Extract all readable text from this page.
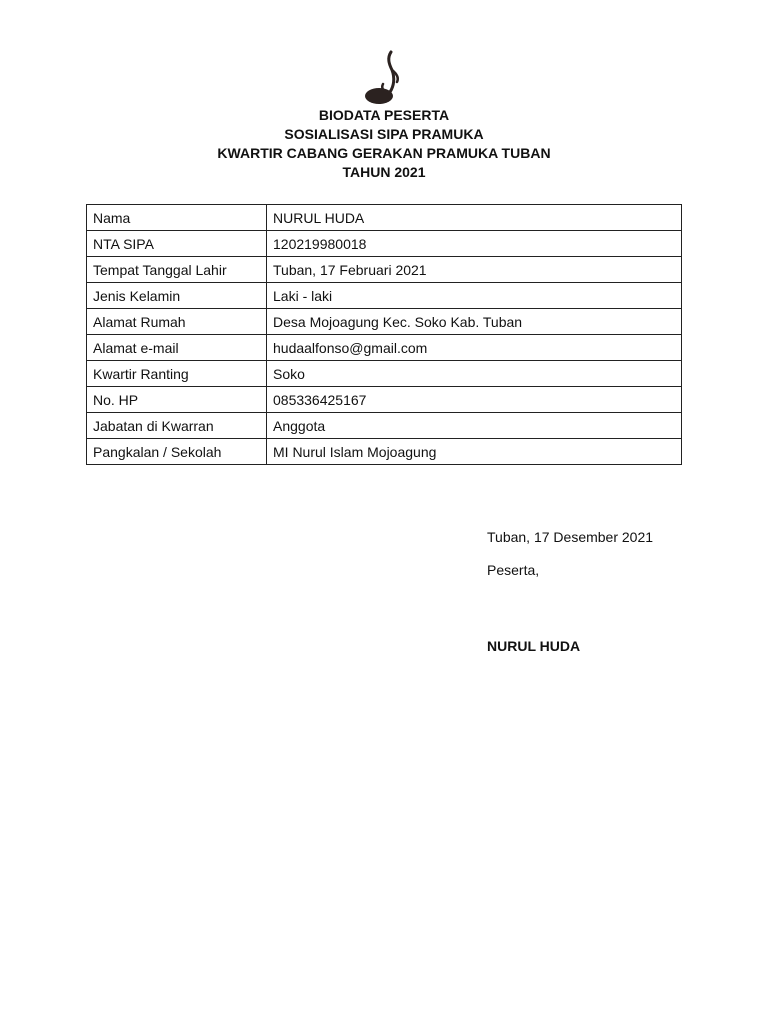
BIODATA PESERTA
SOSIALISASI SIPA PRAMUKA
KWARTIR CABANG GERAKAN PRAMUKA TUBAN
TAHUN 2021
Nama	NURUL HUDA
NTA SIPA	120219980018
Tempat Tanggal Lahir	Tuban, 17 Februari 2021
Jenis Kelamin	Laki - laki
Alamat Rumah	Desa Mojoagung Kec. Soko Kab. Tuban
Alamat e-mail	hudaalfonso@gmail.com
Kwartir Ranting	Soko
No. HP	085336425167
Jabatan di Kwarran	Anggota
Pangkalan / Sekolah	MI Nurul Islam Mojoagung
Tuban, 17 Desember 2021
Peserta,
NURUL HUDA
